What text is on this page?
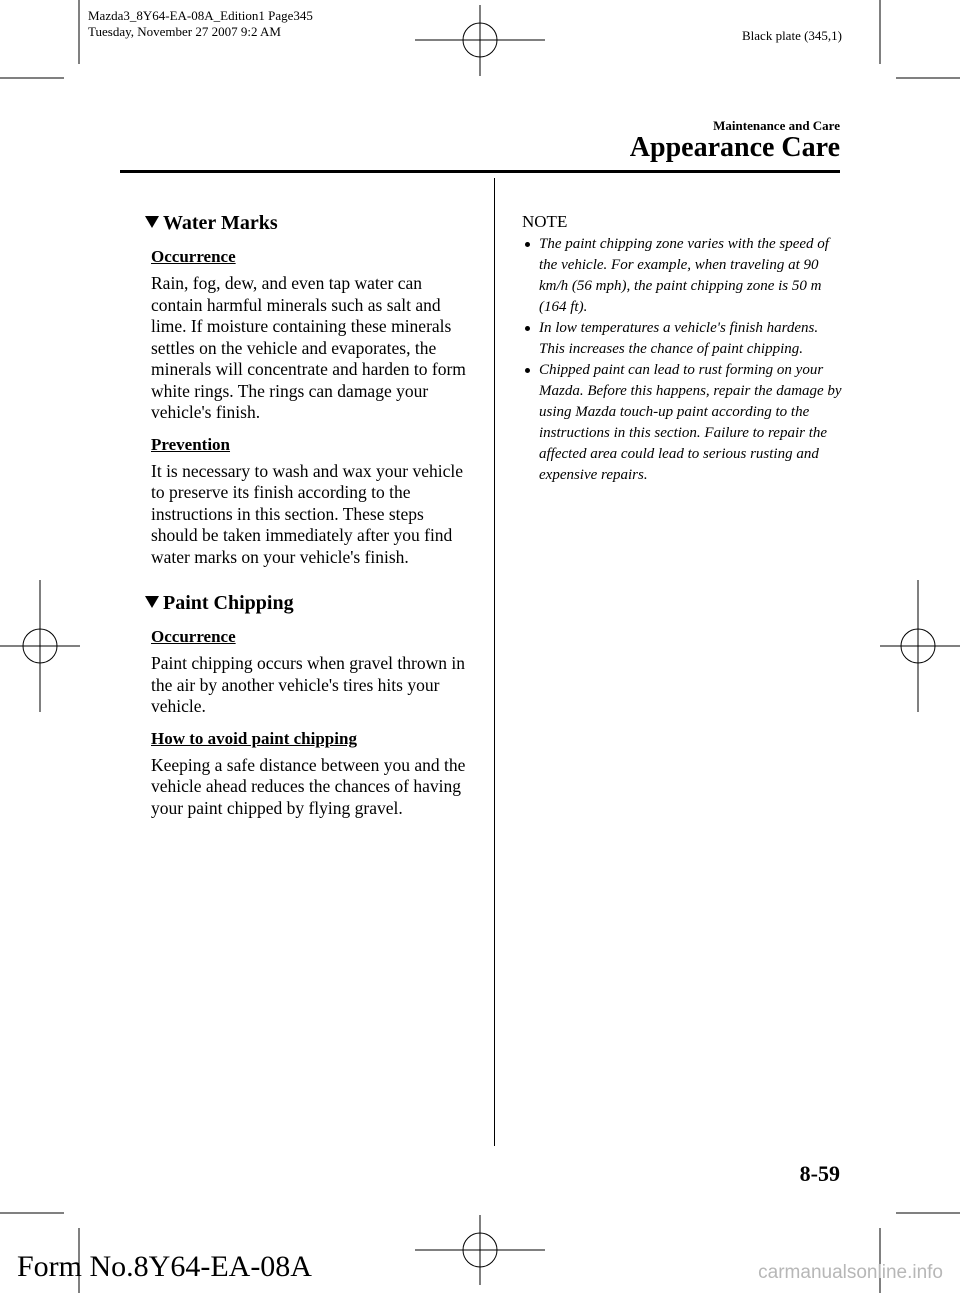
Mazda3_8Y64-EA-08A_Edition1 Page345
Tuesday, November 27 2007 9:2 AM	Black plate (345,1)
Maintenance and Care
Appearance Care
Water Marks

Occurrence

Rain, fog, dew, and even tap water can contain harmful minerals such as salt and lime. If moisture containing these minerals settles on the vehicle and evaporates, the minerals will concentrate and harden to form white rings. The rings can damage your vehicle's finish.

Prevention

It is necessary to wash and wax your vehicle to preserve its finish according to the instructions in this section. These steps should be taken immediately after you find water marks on your vehicle's finish.

Paint Chipping

Occurrence

Paint chipping occurs when gravel thrown in the air by another vehicle's tires hits your vehicle.

How to avoid paint chipping

Keeping a safe distance between you and the vehicle ahead reduces the chances of having your paint chipped by flying gravel.

NOTE

The paint chipping zone varies with the speed of the vehicle. For example, when traveling at 90 km/h (56 mph), the paint chipping zone is 50 m (164 ft).
In low temperatures a vehicle's finish hardens. This increases the chance of paint chipping.
Chipped paint can lead to rust forming on your Mazda. Before this happens, repair the damage by using Mazda touch-up paint according to the instructions in this section. Failure to repair the affected area could lead to serious rusting and expensive repairs.
8-59
Form No.8Y64-EA-08A	carmanualsonline.info
